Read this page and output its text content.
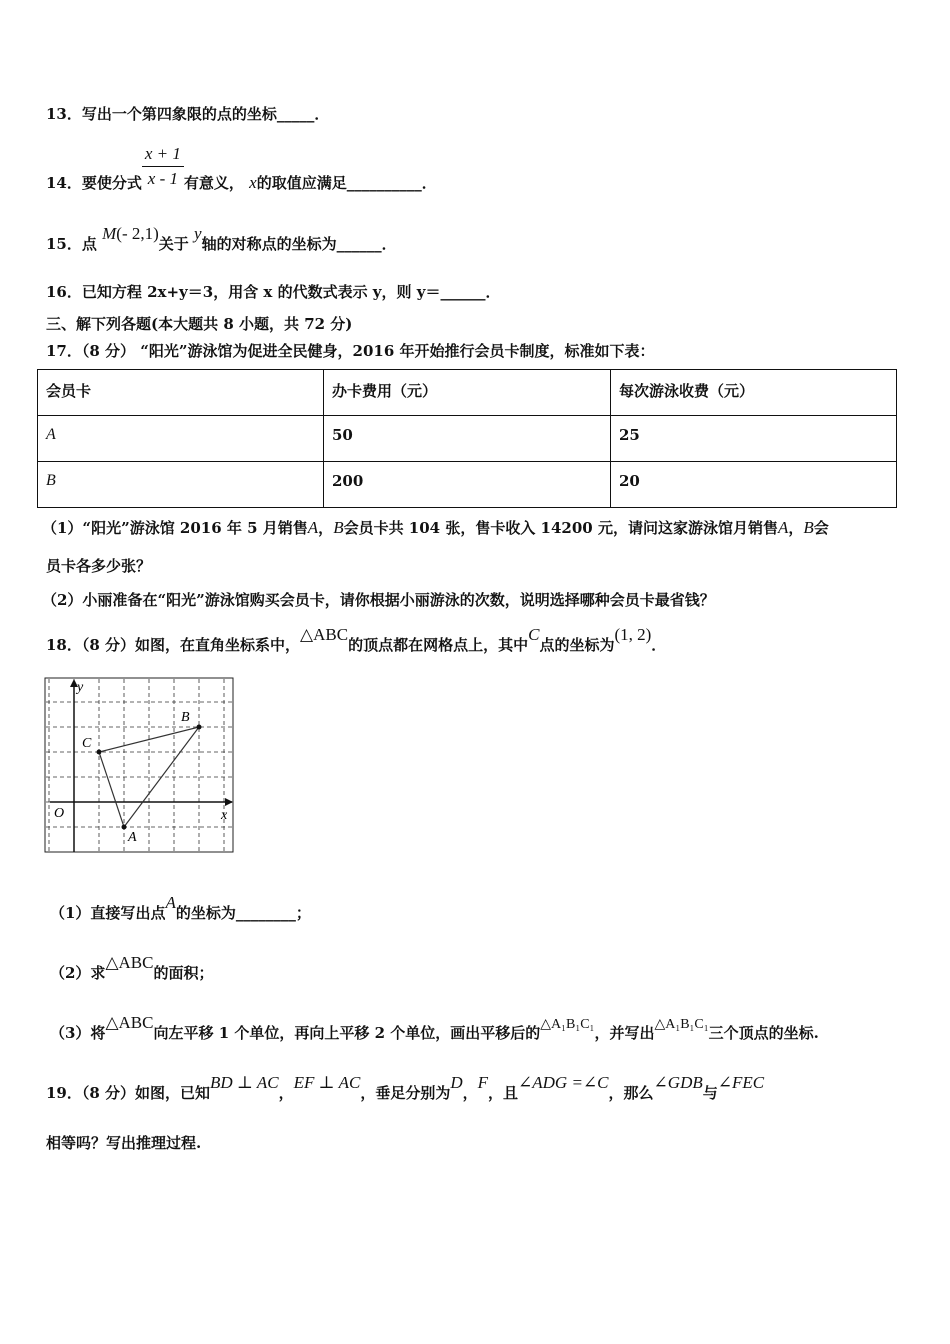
13．写出一个第四象限的点的坐标_____．
14．要使分式 $\frac{x + 1}{x - 1}$ 有意义， x的取值应满足__________．
15．点 M(- 2,1)关于 y轴的对称点的坐标为______．
16．已知方程 2x+y＝3，用含 x 的代数式表示 y，则 y＝______．
三、解下列各题(本大题共 8 小题，共 72 分)
17．（8 分） “阳光”游泳馆为促进全民健身，2016 年开始推行会员卡制度，标准如下表：
会员卡	办卡费用（元）	每次游泳收费（元）
A	50	25
B	200	20
（1）“阳光”游泳馆 2016 年 5 月销售A，B会员卡共 104 张，售卡收入 14200 元，请问这家游泳馆月销售A，B会
员卡各多少张？
（2）小丽准备在“阳光”游泳馆购买会员卡，请你根据小丽游泳的次数，说明选择哪种会员卡最省钱？
18．（8 分）如图，在直角坐标系中，△ABC的顶点都在网格点上，其中C点的坐标为(1, 2)．
y
x
O
A
B
C
（1）直接写出点A的坐标为________；
（2）求△ABC的面积；
（3）将△ABC向左平移 1 个单位，再向上平移 2 个单位，画出平移后的△A₁B₁C₁，并写出△A₁B₁C₁三个顶点的坐标.
19．（8 分）如图，已知BD ⊥ AC，EF ⊥ AC，垂足分别为D，F，且∠ADG =∠C，那么∠GDB与∠FEC
相等吗？写出推理过程.
